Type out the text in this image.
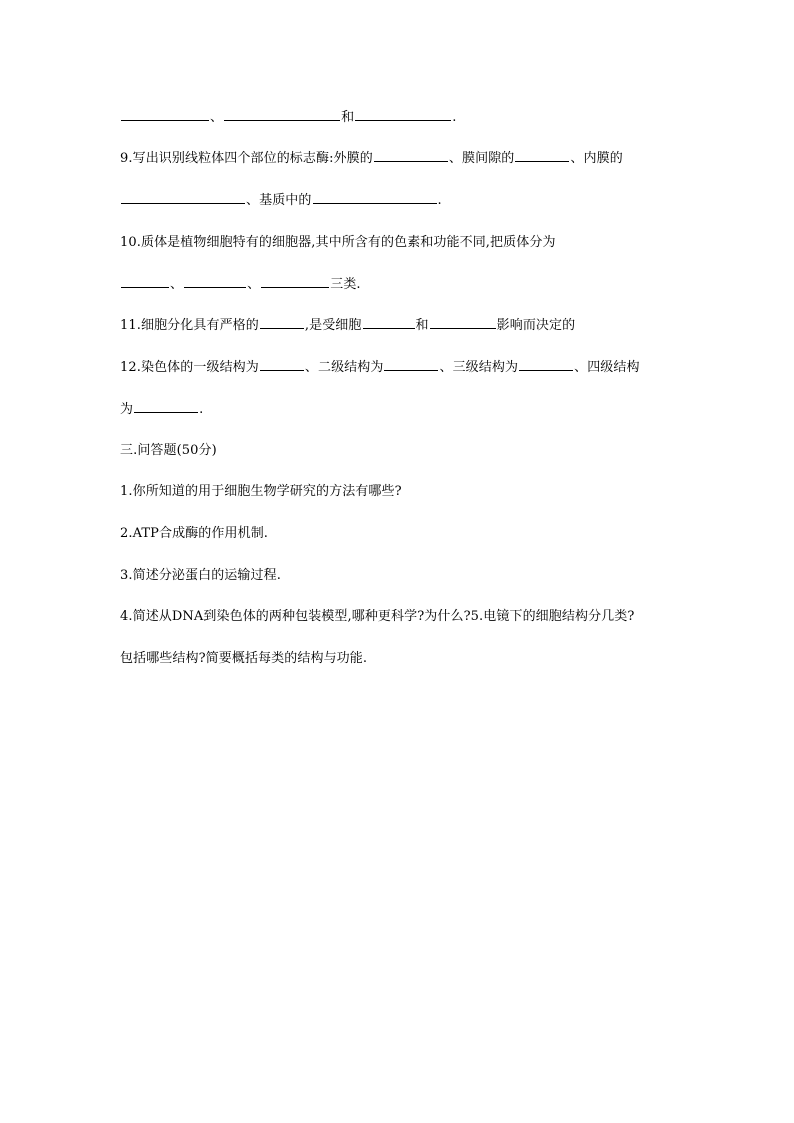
、	和	.
9.写出识别线粒体四个部位的标志酶:外膜的	、膜间隙的	、内膜的
、基质中的	.
10.质体是植物细胞特有的细胞器,其中所含有的色素和功能不同,把质体分为
、	、	三类.
11.细胞分化具有严格的	,是受细胞	和	影响而决定的
12.染色体的一级结构为	、二级结构为	、三级结构为	、四级结构
为	.
三.问答题(50分)
1.你所知道的用于细胞生物学研究的方法有哪些?
2.ATP合成酶的作用机制.
3.简述分泌蛋白的运输过程.
4.简述从DNA到染色体的两种包装模型,哪种更科学?为什么?5.电镜下的细胞结构分几类?
包括哪些结构?简要概括每类的结构与功能.
